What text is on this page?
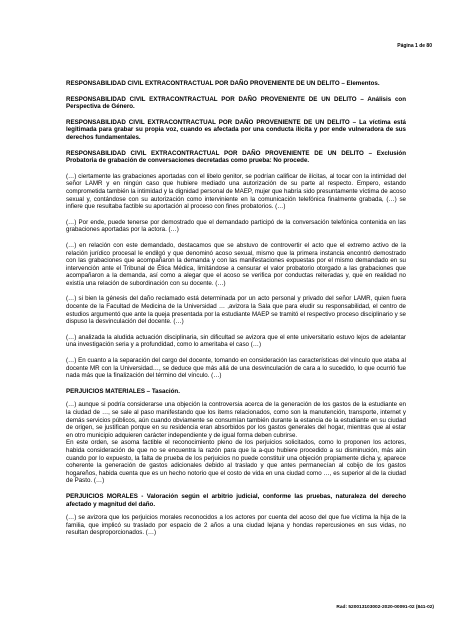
Página 1 de 80

RESPONSABILIDAD CIVIL EXTRACONTRACTUAL POR DAÑO PROVENIENTE DE UN DELITO – Elementos.

RESPONSABILIDAD CIVIL EXTRACONTRACTUAL POR DAÑO PROVENIENTE DE UN DELITO – Análisis con Perspectiva de Género.

RESPONSABILIDAD CIVIL EXTRACONTRACTUAL POR DAÑO PROVENIENTE DE UN DELITO – La víctima está legitimada para grabar su propia voz, cuando es afectada por una conducta ilícita y por ende vulneradora de sus derechos fundamentales.

RESPONSABILIDAD CIVIL EXTRACONTRACTUAL POR DAÑO PROVENIENTE DE UN DELITO – Exclusión Probatoria de grabación de conversaciones decretadas como prueba: No procede.

(…) ciertamente las grabaciones aportadas con el libelo genitor, se podrían calificar de ilícitas, al tocar con la intimidad del señor LAMR y en ningún caso que hubiere mediado una autorización de su parte al respecto. Empero, estando comprometida también la intimidad y la dignidad personal de MAEP, mujer que habría sido presuntamente víctima de acoso sexual y, contándose con su autorización como interviniente en la comunicación telefónica finalmente grabada, (…) se infiere que resultaba factible su aportación al proceso con fines probatorios. (…)

(…) Por ende, puede tenerse por demostrado que el demandado participó de la conversación telefónica contenida en las grabaciones aportadas por la actora. (…)

(…) en relación con este demandado, destacamos que se abstuvo de controvertir el acto que el extremo activo de la relación jurídico procesal le endilgó y que denominó acoso sexual, mismo que la primera instancia encontró demostrado con las grabaciones que acompañaron la demanda y con las manifestaciones expuestas por el mismo demandado en su intervención ante el Tribunal de Ética Médica, limitándose a censurar el valor probatorio otorgado a las grabaciones que acompañaron a la demanda, así como a alegar que el acoso se verifica por conductas reiteradas y, que en realidad no existía una relación de subordinación con su docente. (…)

(…) si bien la génesis del daño reclamado está determinada por un acto personal y privado del señor LAMR, quien fuera docente de la Facultad de Medicina de la Universidad … ,avizora la Sala que para eludir su responsabilidad, el centro de estudios argumentó que ante la queja presentada por la estudiante MAEP se tramitó el respectivo proceso disciplinario y se dispuso la desvinculación del docente. (…)

(…) analizada la aludida actuación disciplinaria, sin dificultad se avizora que el ente universitario estuvo lejos de adelantar una investigación seria y a profundidad, como lo ameritaba el caso (…)

(…) En cuanto a la separación del cargo del docente, tomando en consideración las características del vínculo que ataba al docente MR con la Universidad…, se deduce que más allá de una desvinculación de cara a lo sucedido, lo que ocurrió fue nada más que la finalización del término del vínculo. (…)

PERJUICIOS MATERIALES – Tasación.

(…) aunque si podría considerarse una objeción la controversia acerca de la generación de los gastos de la estudiante en la ciudad de …, se sale al paso manifestando que los ítems relacionados, como son la manutención, transporte, internet y demás servicios públicos, aún cuando obviamente se consumían también durante la estancia de la estudiante en su ciudad de origen, se justifican porque en su residencia eran absorbidos por los gastos generales del hogar, mientras que al estar en otro municipio adquieren carácter independiente y de igual forma deben cubrirse.

En este orden, se asoma factible el reconocimiento pleno de los perjuicios solicitados, como lo proponen los actores, habida consideración de que no se encuentra la razón para que la a-quo hubiere procedido a su disminución, más aún cuando por lo expuesto, la falta de prueba de los perjuicios no puede constituir una objeción propiamente dicha y, aparece coherente la generación de gastos adicionales debido al traslado y que antes permanecían al cobijo de los gastos hogareños, habida cuenta que es un hecho notorio que el costo de vida en una ciudad como …, es superior al de la ciudad de Pasto. (…)

PERJUICIOS MORALES - Valoración según el arbitrio judicial, conforme las pruebas, naturaleza del derecho afectado y magnitud del daño.

(…) se avizora que los perjuicios morales reconocidos a los actores por cuenta del acoso del que fue víctima la hija de la familia, que implicó su traslado por espacio de 2 años a una ciudad lejana y hondas repercusiones en sus vidas, no resultan desproporcionados. (…)

Rad: 520013103002-2020-00091-02 (841-02)
